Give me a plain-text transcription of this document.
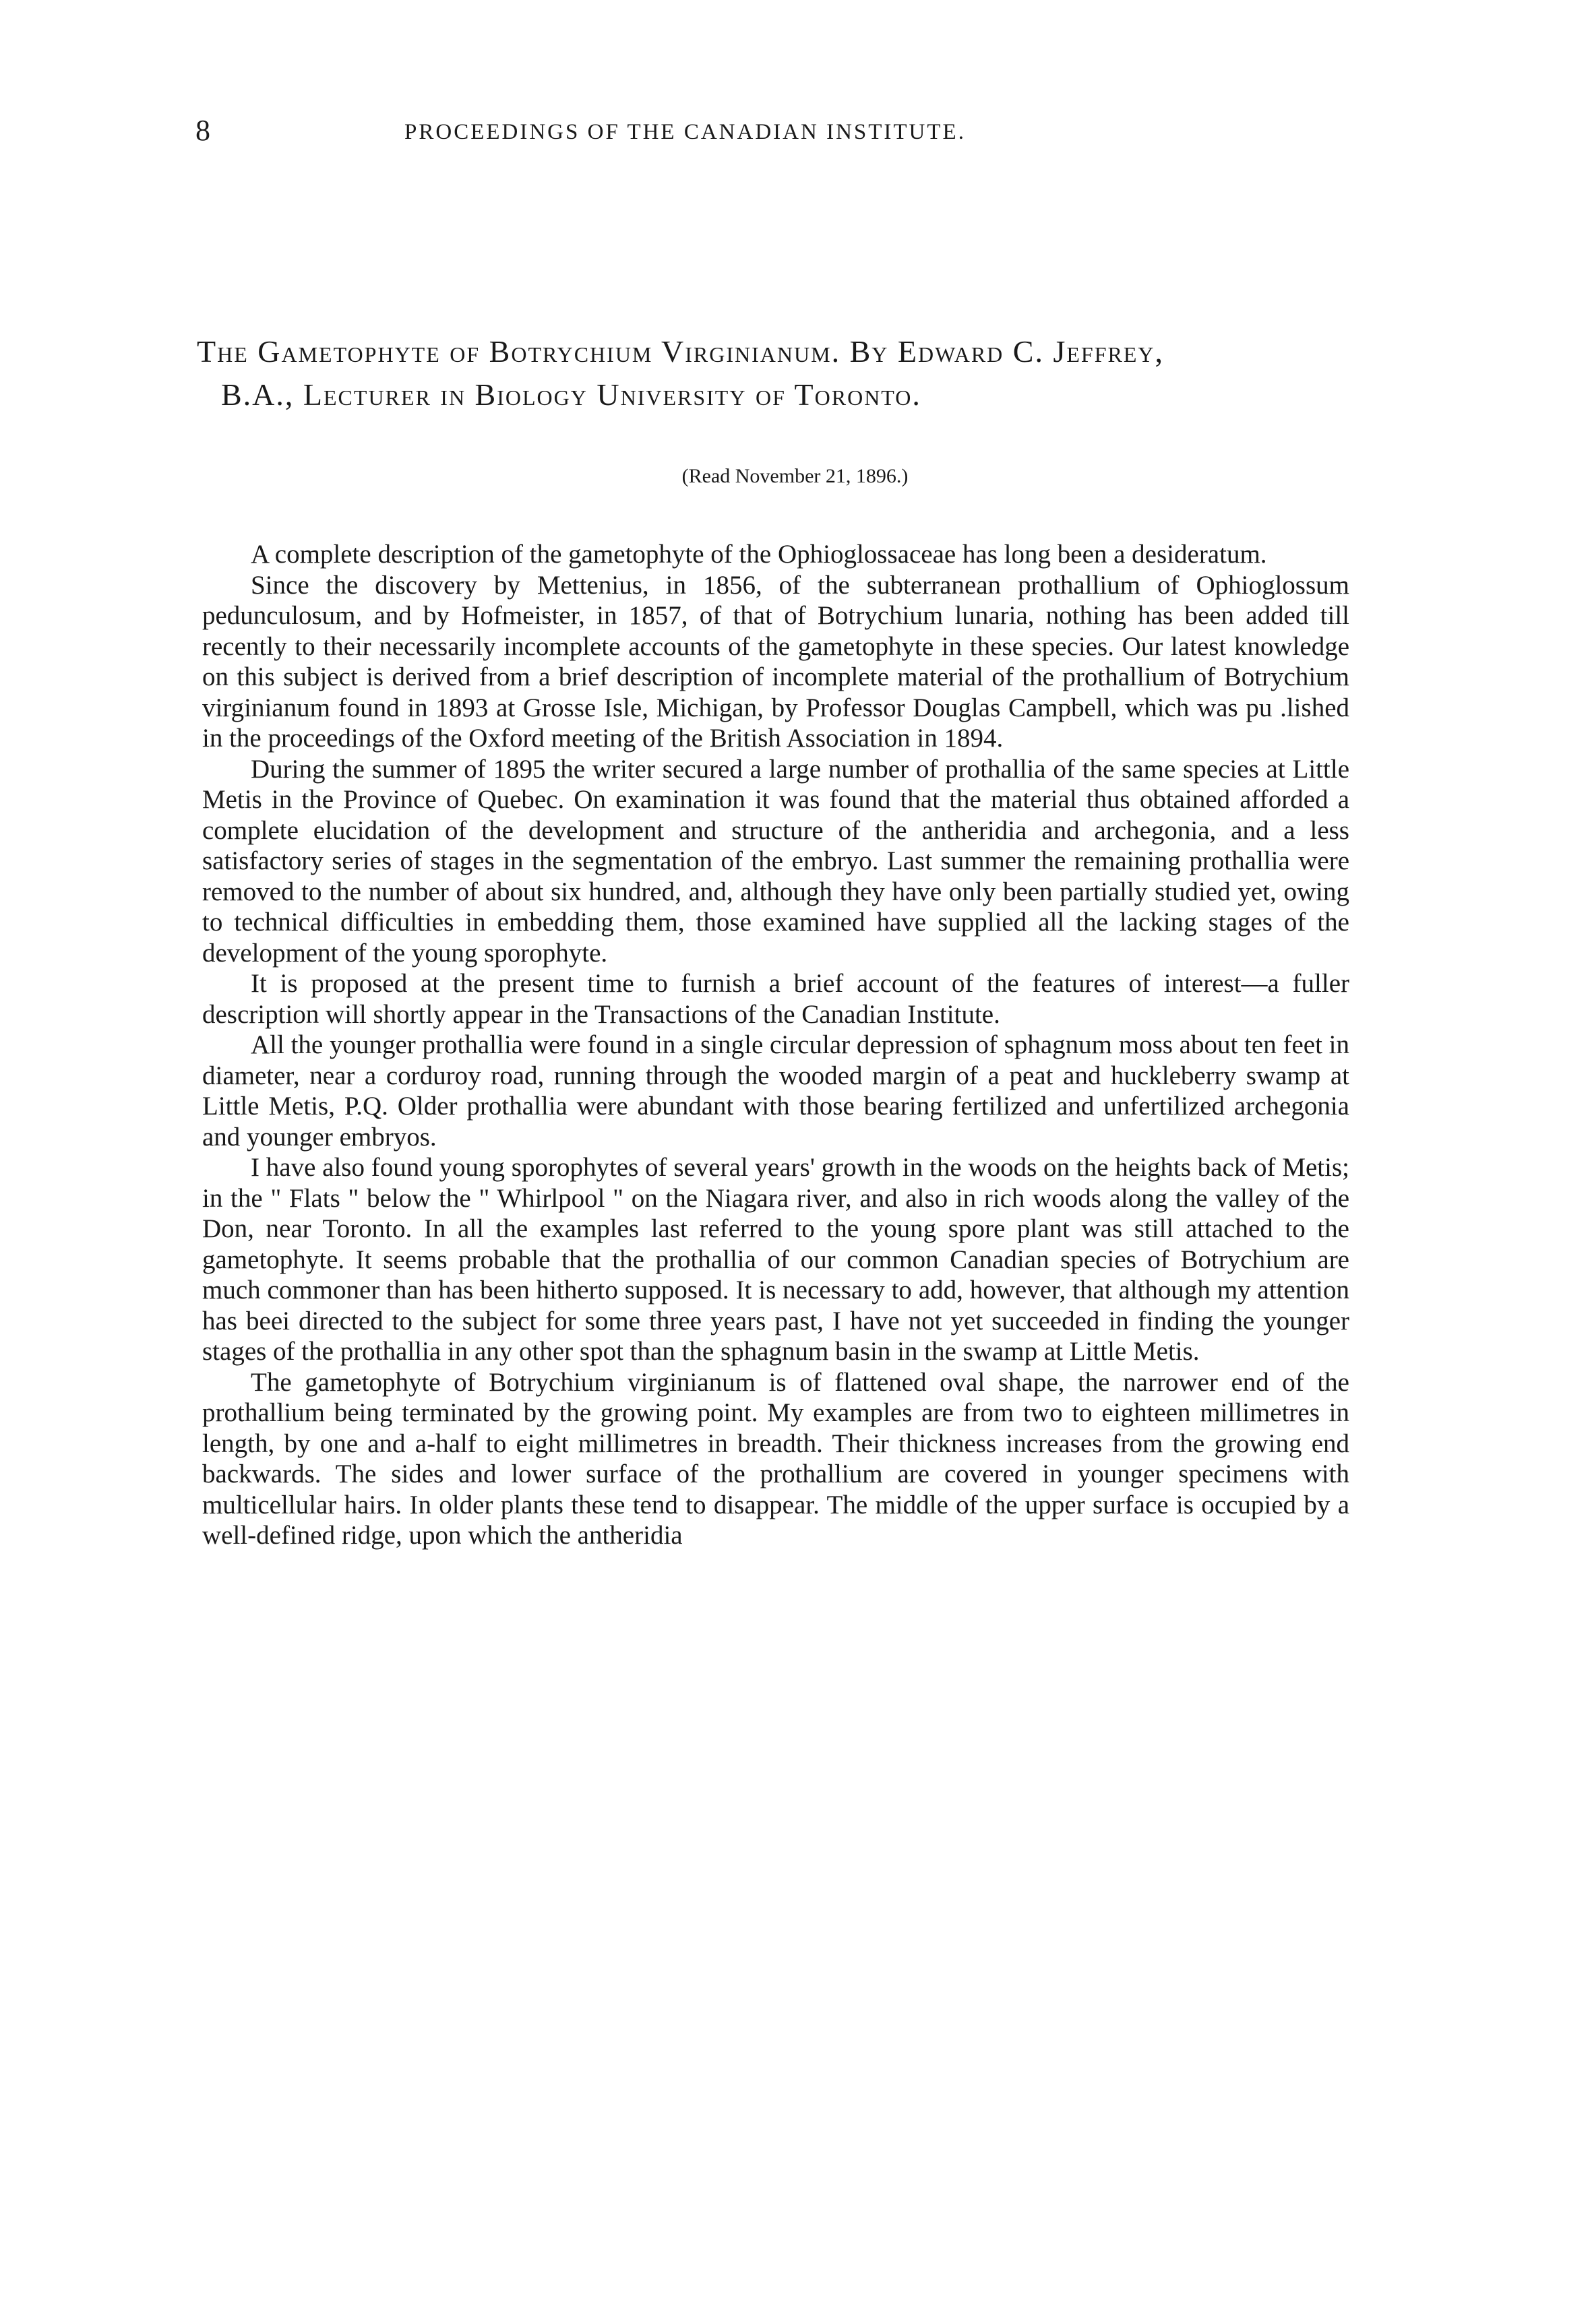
8	PROCEEDINGS OF THE CANADIAN INSTITUTE.
The Gametophyte of Botrychium Virginianum. By Edward C. Jeffrey,
B.A., Lecturer in Biology University of Toronto.
(Read November 21, 1896.)

A complete description of the gametophyte of the Ophioglossaceae has long been a desideratum.

Since the discovery by Mettenius, in 1856, of the subterranean prothallium of Ophioglossum pedunculosum, and by Hofmeister, in 1857, of that of Botrychium lunaria, nothing has been added till recently to their necessarily incomplete accounts of the gametophyte in these species. Our latest knowledge on this subject is derived from a brief description of incomplete material of the prothallium of Botrychium virginianum found in 1893 at Grosse Isle, Michigan, by Professor Douglas Campbell, which was pu .lished in the proceedings of the Oxford meeting of the British Association in 1894.

During the summer of 1895 the writer secured a large number of prothallia of the same species at Little Metis in the Province of Quebec. On examination it was found that the material thus obtained afforded a complete elucidation of the development and structure of the antheridia and archegonia, and a less satisfactory series of stages in the segmentation of the embryo. Last summer the remaining prothallia were removed to the number of about six hundred, and, although they have only been partially studied yet, owing to technical difficulties in embedding them, those examined have supplied all the lacking stages of the development of the young sporophyte.

It is proposed at the present time to furnish a brief account of the features of interest—a fuller description will shortly appear in the Transactions of the Canadian Institute.

All the younger prothallia were found in a single circular depression of sphagnum moss about ten feet in diameter, near a corduroy road, running through the wooded margin of a peat and huckleberry swamp at Little Metis, P.Q. Older prothallia were abundant with those bearing fertilized and unfertilized archegonia and younger embryos.

I have also found young sporophytes of several years' growth in the woods on the heights back of Metis; in the " Flats " below the " Whirlpool " on the Niagara river, and also in rich woods along the valley of the Don, near Toronto. In all the examples last referred to the young spore plant was still attached to the gametophyte. It seems probable that the prothallia of our common Canadian species of Botrychium are much commoner than has been hitherto supposed. It is necessary to add, however, that although my attention has beei directed to the subject for some three years past, I have not yet succeeded in finding the younger stages of the prothallia in any other spot than the sphagnum basin in the swamp at Little Metis.

The gametophyte of Botrychium virginianum is of flattened oval shape, the narrower end of the prothallium being terminated by the growing point. My examples are from two to eighteen millimetres in length, by one and a-half to eight millimetres in breadth. Their thickness increases from the growing end backwards. The sides and lower surface of the prothallium are covered in younger specimens with multicellular hairs. In older plants these tend to disappear. The middle of the upper surface is occupied by a well-defined ridge, upon which the antheridia
